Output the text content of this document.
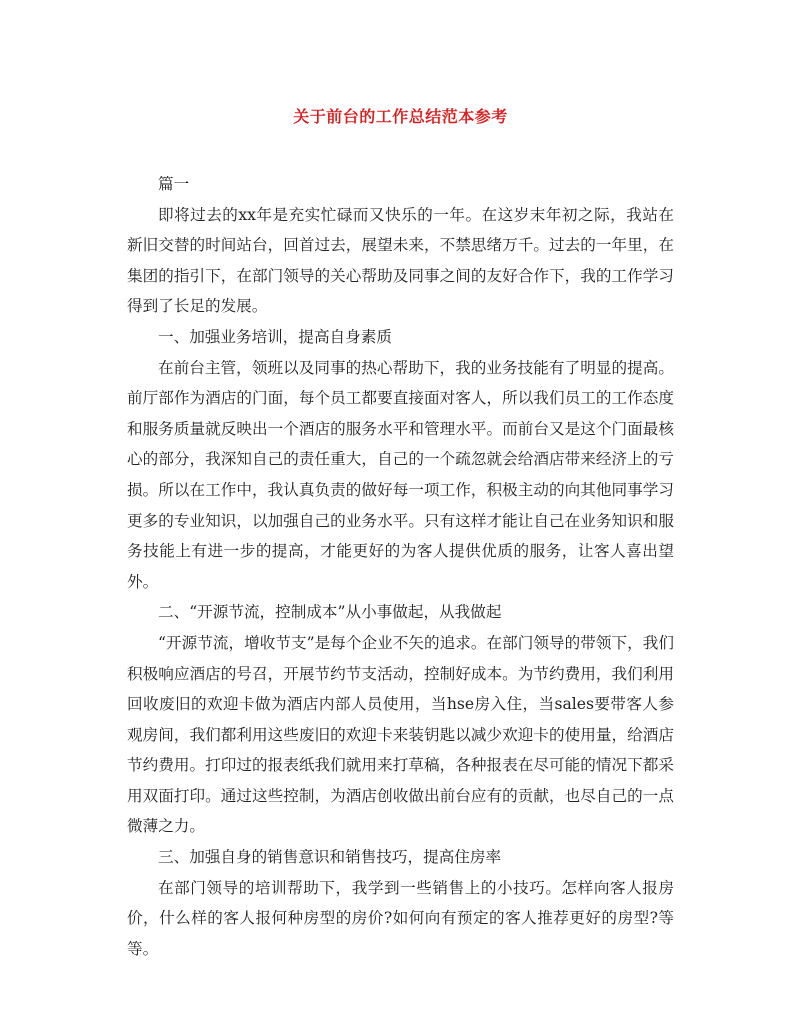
关于前台的工作总结范本参考

篇一

即将过去的xx年是充实忙碌而又快乐的一年。在这岁末年初之际，我站在新旧交替的时间站台，回首过去，展望未来，不禁思绪万千。过去的一年里，在集团的指引下，在部门领导的关心帮助及同事之间的友好合作下，我的工作学习得到了长足的发展。

一、加强业务培训，提高自身素质

在前台主管，领班以及同事的热心帮助下，我的业务技能有了明显的提高。前厅部作为酒店的门面，每个员工都要直接面对客人，所以我们员工的工作态度和服务质量就反映出一个酒店的服务水平和管理水平。而前台又是这个门面最核心的部分，我深知自己的责任重大，自己的一个疏忽就会给酒店带来经济上的亏损。所以在工作中，我认真负责的做好每一项工作，积极主动的向其他同事学习更多的专业知识，以加强自己的业务水平。只有这样才能让自己在业务知识和服务技能上有进一步的提高，才能更好的为客人提供优质的服务，让客人喜出望外。

二、“开源节流，控制成本”从小事做起，从我做起

“开源节流，增收节支”是每个企业不矢的追求。在部门领导的带领下，我们积极响应酒店的号召，开展节约节支活动，控制好成本。为节约费用，我们利用回收废旧的欢迎卡做为酒店内部人员使用，当hse房入住，当sales要带客人参观房间，我们都利用这些废旧的欢迎卡来装钥匙以减少欢迎卡的使用量，给酒店节约费用。打印过的报表纸我们就用来打草稿，各种报表在尽可能的情况下都采用双面打印。通过这些控制，为酒店创收做出前台应有的贡献，也尽自己的一点微薄之力。

三、加强自身的销售意识和销售技巧，提高住房率

在部门领导的培训帮助下，我学到一些销售上的小技巧。怎样向客人报房价，什么样的客人报何种房型的房价?如何向有预定的客人推荐更好的房型?等等。
